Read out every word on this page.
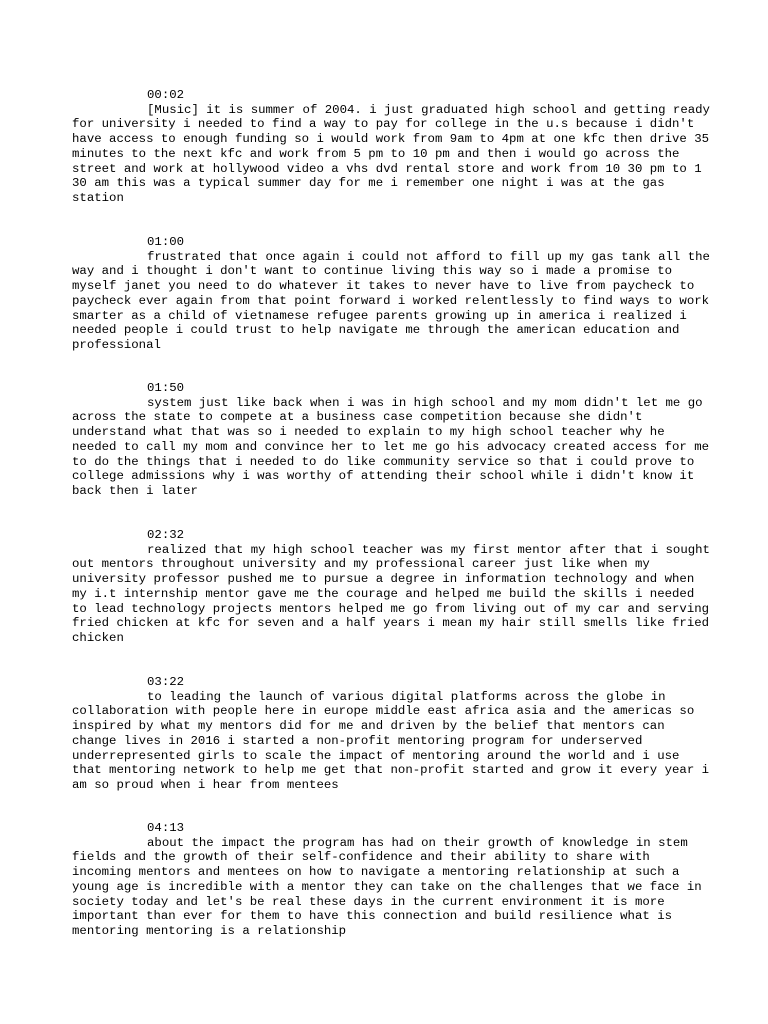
00:02
[Music] it is summer of 2004. i just graduated high school and getting ready for university i needed to find a way to pay for college in the u.s because i didn't have access to enough funding so i would work from 9am to 4pm at one kfc then drive 35 minutes to the next kfc and work from 5 pm to 10 pm and then i would go across the street and work at hollywood video a vhs dvd rental store and work from 10 30 pm to 1 30 am this was a typical summer day for me i remember one night i was at the gas station
01:00
frustrated that once again i could not afford to fill up my gas tank all the way and i thought i don't want to continue living this way so i made a promise to myself janet you need to do whatever it takes to never have to live from paycheck to paycheck ever again from that point forward i worked relentlessly to find ways to work smarter as a child of vietnamese refugee parents growing up in america i realized i needed people i could trust to help navigate me through the american education and professional
01:50
system just like back when i was in high school and my mom didn't let me go across the state to compete at a business case competition because she didn't understand what that was so i needed to explain to my high school teacher why he needed to call my mom and convince her to let me go his advocacy created access for me to do the things that i needed to do like community service so that i could prove to college admissions why i was worthy of attending their school while i didn't know it back then i later
02:32
realized that my high school teacher was my first mentor after that i sought out mentors throughout university and my professional career just like when my university professor pushed me to pursue a degree in information technology and when my i.t internship mentor gave me the courage and helped me build the skills i needed to lead technology projects mentors helped me go from living out of my car and serving fried chicken at kfc for seven and a half years i mean my hair still smells like fried chicken
03:22
to leading the launch of various digital platforms across the globe in collaboration with people here in europe middle east africa asia and the americas so inspired by what my mentors did for me and driven by the belief that mentors can change lives in 2016 i started a non-profit mentoring program for underserved underrepresented girls to scale the impact of mentoring around the world and i use that mentoring network to help me get that non-profit started and grow it every year i am so proud when i hear from mentees
04:13
about the impact the program has had on their growth of knowledge in stem fields and the growth of their self-confidence and their ability to share with incoming mentors and mentees on how to navigate a mentoring relationship at such a young age is incredible with a mentor they can take on the challenges that we face in society today and let's be real these days in the current environment it is more important than ever for them to have this connection and build resilience what is mentoring mentoring is a relationship
